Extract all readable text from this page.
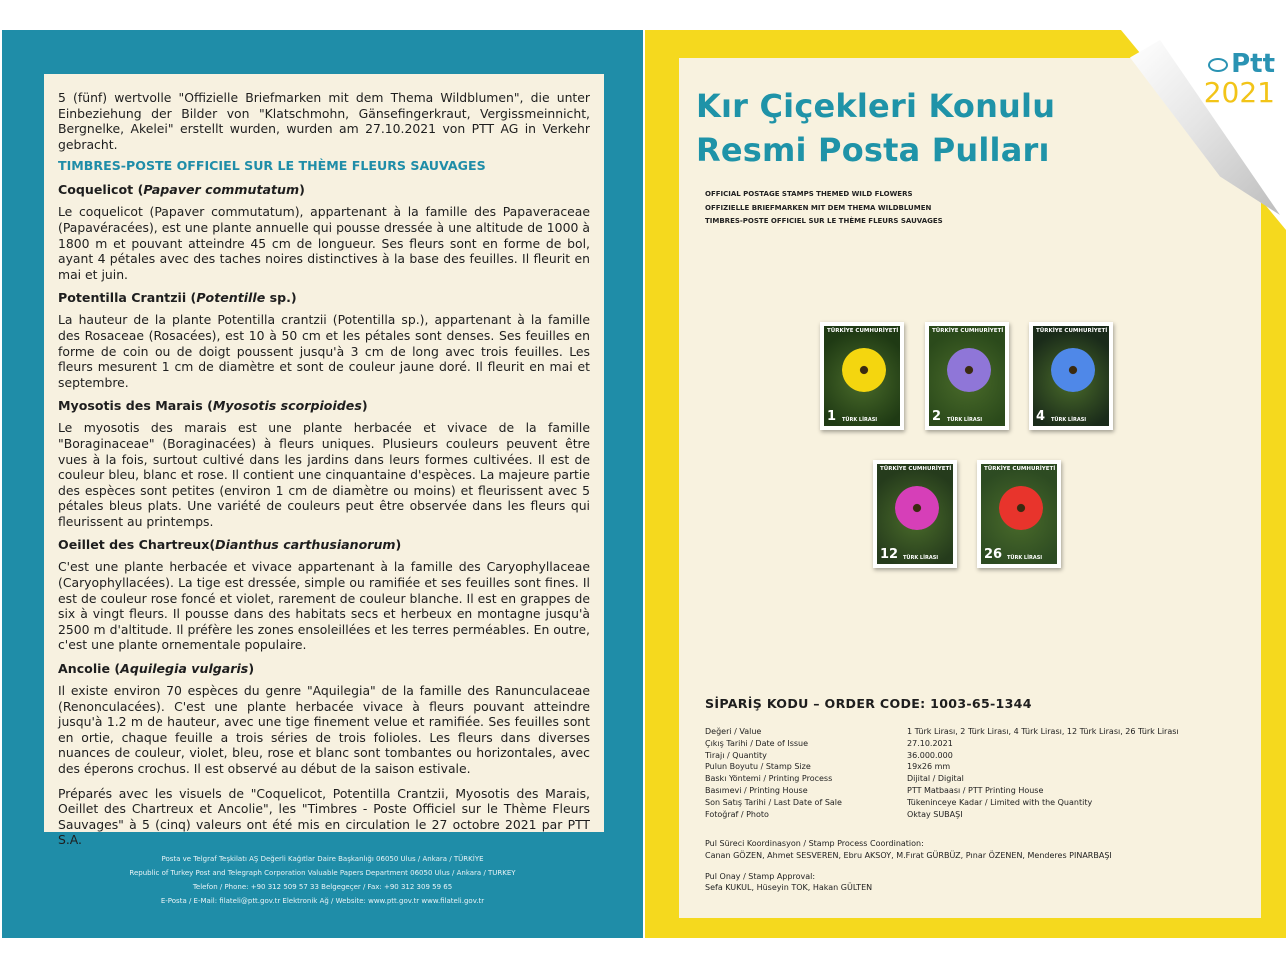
5 (fünf) wertvolle "Offizielle Briefmarken mit dem Thema Wildblumen", die unter Einbeziehung der Bilder von "Klatschmohn, Gänsefingerkraut, Vergissmeinnicht, Bergnelke, Akelei" erstellt wurden, wurden am 27.10.2021 von PTT AG in Verkehr gebracht.

TIMBRES-POSTE OFFICIEL SUR LE THÈME FLEURS SAUVAGES
Coquelicot (Papaver commutatum)

Le coquelicot (Papaver commutatum), appartenant à la famille des Papaveraceae (Papavéracées), est une plante annuelle qui pousse dressée à une altitude de 1000 à 1800 m et pouvant atteindre 45 cm de longueur. Ses fleurs sont en forme de bol, ayant 4 pétales avec des taches noires distinctives à la base des feuilles. Il fleurit en mai et juin.

Potentilla Crantzii (Potentille sp.)

La hauteur de la plante Potentilla crantzii (Potentilla sp.), appartenant à la famille des Rosaceae (Rosacées), est 10 à 50 cm et les pétales sont denses. Ses feuilles en forme de coin ou de doigt poussent jusqu'à 3 cm de long avec trois feuilles. Les fleurs mesurent 1 cm de diamètre et sont de couleur jaune doré. Il fleurit en mai et septembre.

Myosotis des Marais (Myosotis scorpioides)

Le myosotis des marais est une plante herbacée et vivace de la famille "Boraginaceae" (Boraginacées) à fleurs uniques. Plusieurs couleurs peuvent être vues à la fois, surtout cultivé dans les jardins dans leurs formes cultivées. Il est de couleur bleu, blanc et rose. Il contient une cinquantaine d'espèces. La majeure partie des espèces sont petites (environ 1 cm de diamètre ou moins) et fleurissent avec 5 pétales bleus plats. Une variété de couleurs peut être observée dans les fleurs qui fleurissent au printemps.

Oeillet des Chartreux(Dianthus carthusianorum)

C'est une plante herbacée et vivace appartenant à la famille des Caryophyllaceae (Caryophyllacées). La tige est dressée, simple ou ramifiée et ses feuilles sont fines. Il est de couleur rose foncé et violet, rarement de couleur blanche. Il est en grappes de six à vingt fleurs. Il pousse dans des habitats secs et herbeux en montagne jusqu'à 2500 m d'altitude. Il préfère les zones ensoleillées et les terres perméables. En outre, c'est une plante ornementale populaire.

Ancolie (Aquilegia vulgaris)

Il existe environ 70 espèces du genre "Aquilegia" de la famille des Ranunculaceae (Renonculacées). C'est une plante herbacée vivace à fleurs pouvant atteindre jusqu'à 1.2 m de hauteur, avec une tige finement velue et ramifiée. Ses feuilles sont en ortie, chaque feuille a trois séries de trois folioles. Les fleurs dans diverses nuances de couleur, violet, bleu, rose et blanc sont tombantes ou horizontales, avec des éperons crochus. Il est observé au début de la saison estivale.

Préparés avec les visuels de "Coquelicot, Potentilla Crantzii, Myosotis des Marais, Oeillet des Chartreux et Ancolie", les "Timbres - Poste Officiel sur le Thème Fleurs Sauvages" à 5 (cinq) valeurs ont été mis en circulation le 27 octobre 2021 par PTT S.A.

Posta ve Telgraf Teşkilatı AŞ Değerli Kağıtlar Daire Başkanlığı 06050 Ulus / Ankara / TÜRKİYE
Republic of Turkey Post and Telegraph Corporation Valuable Papers Department 06050 Ulus / Ankara / TURKEY
Telefon / Phone: +90 312 509 57 33 Belgegeçer / Fax: +90 312 309 59 65
E-Posta / E-Mail: filateli@ptt.gov.tr Elektronik Ağ / Website: www.ptt.gov.tr www.filateli.gov.tr
Ptt
2021
Kır Çiçekleri Konulu
Resmi Posta Pulları
OFFICIAL POSTAGE STAMPS THEMED WILD FLOWERS
OFFIZIELLE BRIEFMARKEN MIT DEM THEMA WILDBLUMEN
TIMBRES-POSTE OFFICIEL SUR LE THÈME FLEURS SAUVAGES
TÜRKİYE CUMHURİYETİ
1 TÜRK LİRASI
TÜRKİYE CUMHURİYETİ
2 TÜRK LİRASI
TÜRKİYE CUMHURİYETİ
4 TÜRK LİRASI
TÜRKİYE CUMHURİYETİ
12 TÜRK LİRASI
TÜRKİYE CUMHURİYETİ
26 TÜRK LİRASI
SİPARİŞ KODU – ORDER CODE: 1003-65-1344
Değeri / Value	1 Türk Lirası, 2 Türk Lirası, 4 Türk Lirası, 12 Türk Lirası, 26 Türk Lirası
Çıkış Tarihi / Date of Issue	27.10.2021
Tirajı / Quantity	36.000.000
Pulun Boyutu / Stamp Size	19x26 mm
Baskı Yöntemi / Printing Process	Dijital / Digital
Basımevi / Printing House	PTT Matbaası / PTT Printing House
Son Satış Tarihi / Last Date of Sale	Tükeninceye Kadar / Limited with the Quantity
Fotoğraf / Photo	Oktay SUBAŞI
Pul Süreci Koordinasyon / Stamp Process Coordination:
Canan GÖZEN, Ahmet SESVEREN, Ebru AKSOY, M.Fırat GÜRBÜZ, Pınar ÖZENEN, Menderes PINARBAŞI
Pul Onay / Stamp Approval:
Sefa KUKUL, Hüseyin TOK, Hakan GÜLTEN
